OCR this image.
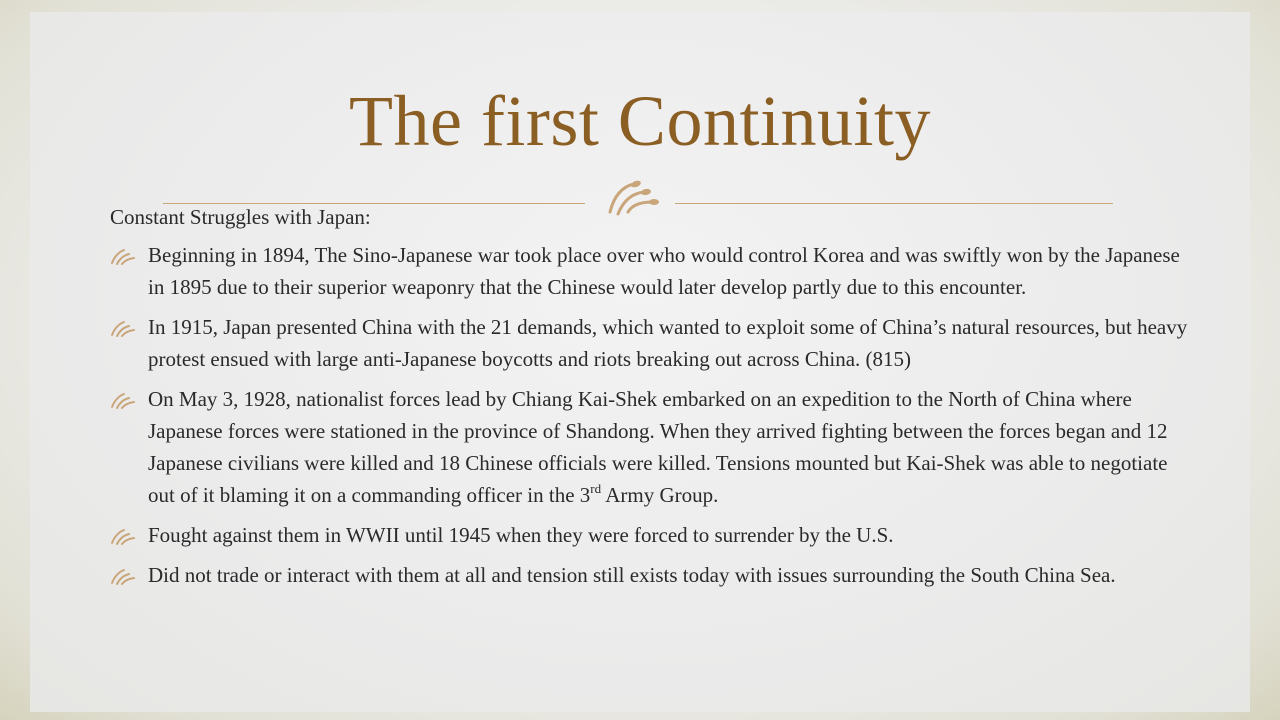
The first Continuity

Constant Struggles with Japan:

Beginning in 1894, The Sino-Japanese war took place over who would control Korea and was swiftly won by the Japanese in 1895 due to their superior weaponry that the Chinese would later develop partly due to this encounter.
In 1915, Japan presented China with the 21 demands, which wanted to exploit some of China’s natural resources, but heavy protest ensued with large anti-Japanese boycotts and riots breaking out across China. (815)
On May 3, 1928, nationalist forces lead by Chiang Kai-Shek embarked on an expedition to the North of China where Japanese forces were stationed in the province of Shandong. When they arrived fighting between the forces began and 12 Japanese civilians were killed and 18 Chinese officials were killed. Tensions mounted but Kai-Shek was able to negotiate out of it blaming it on a commanding officer in the 3rd Army Group.
Fought against them in WWII until 1945 when they were forced to surrender by the U.S.
Did not trade or interact with them at all and tension still exists today with issues surrounding the South China Sea.
